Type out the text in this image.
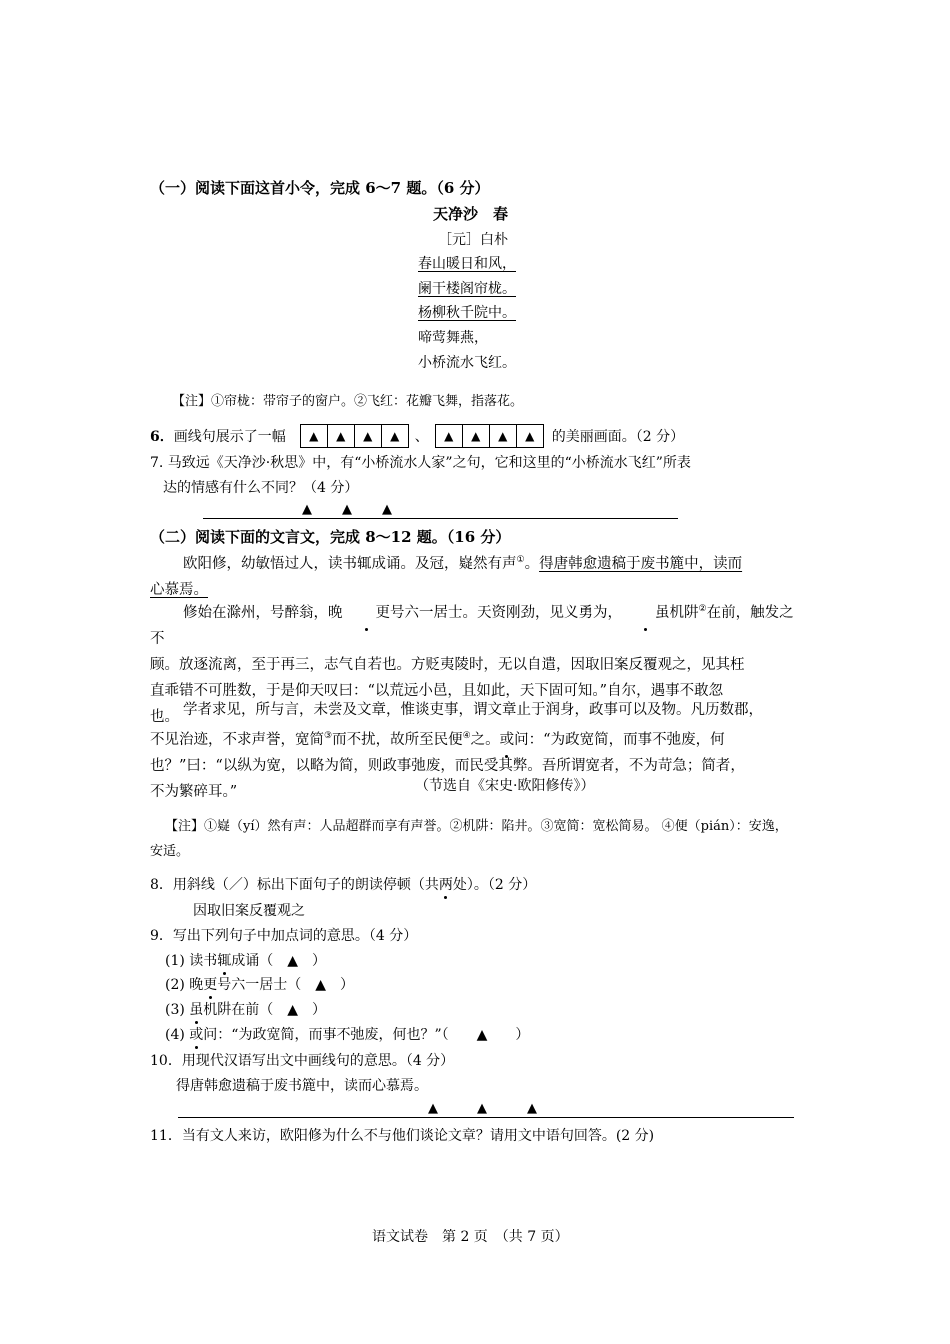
（一）阅读下面这首小令，完成 6～7 题。（6 分）
天净沙　春
［元］白朴
春山暖日和风，
阑干楼阁帘栊。
杨柳秋千院中。
啼莺舞燕，
小桥流水飞红。
【注】①帘栊：带帘子的窗户。②飞红：花瓣飞舞，指落花。
6． 画线句展示了一幅	▲	▲	▲	▲	、	▲	▲	▲	▲	的美丽画面。（2 分）
7. 马致远《天净沙·秋思》中，有“小桥流水人家”之句，它和这里的“小桥流水飞红”所表
达的情感有什么不同？（4 分）
▲ ▲ ▲
（二）阅读下面的文言文，完成 8～12 题。（16 分）
欧阳修，幼敏悟过人，读书辄成诵。及冠，嶷然有声①。得唐韩愈遗稿于废书簏中，读而
心慕焉。
修始在滁州，号醉翁，晚 更号六一居士。天资刚劲，见义勇为， 虽机阱②在前，触发之不
顾。放逐流离，至于再三，志气自若也。方贬夷陵时，无以自遣，因取旧案反覆观之，见其枉
直乖错不可胜数，于是仰天叹曰：“以荒远小邑，且如此，天下固可知。”自尔，遇事不敢忽
也。 学者求见，所与言，未尝及文章，惟谈吏事，谓文章止于润身，政事可以及物。凡历数郡，
不见治迹，不求声誉，宽简③而不扰，故所至民便④之。或问：“为政宽简，而事不弛废，何
也？”曰：“以纵为宽，以略为简，则政事弛废，而民受其弊。吾所谓宽者，不为苛急；简者，
不为繁碎耳。”	（节选自《宋史·欧阳修传》）
【注】①嶷（yí）然有声：人品超群而享有声誉。②机阱：陷井。③宽简：宽松简易。 ④便（pián）：安逸，
安适。
8．用斜线（／）标出下面句子的朗读停顿（共两处）。（2 分）
因取旧案反覆观之
9．写出下列句子中加点词的意思。（4 分）
(1) 读书辄成诵（　▲　）
(2) 晚更号六一居士（　▲　）
(3) 虽机阱在前（　▲　）
(4) 或问：“为政宽简，而事不弛废，何也？”（　　▲　　）
10．用现代汉语写出文中画线句的意思。（4 分）
得唐韩愈遗稿于废书簏中，读而心慕焉。
▲	▲	▲
11．当有文人来访，欧阳修为什么不与他们谈论文章？请用文中语句回答。(2 分)
语文试卷　第 2 页　（共 7 页）
